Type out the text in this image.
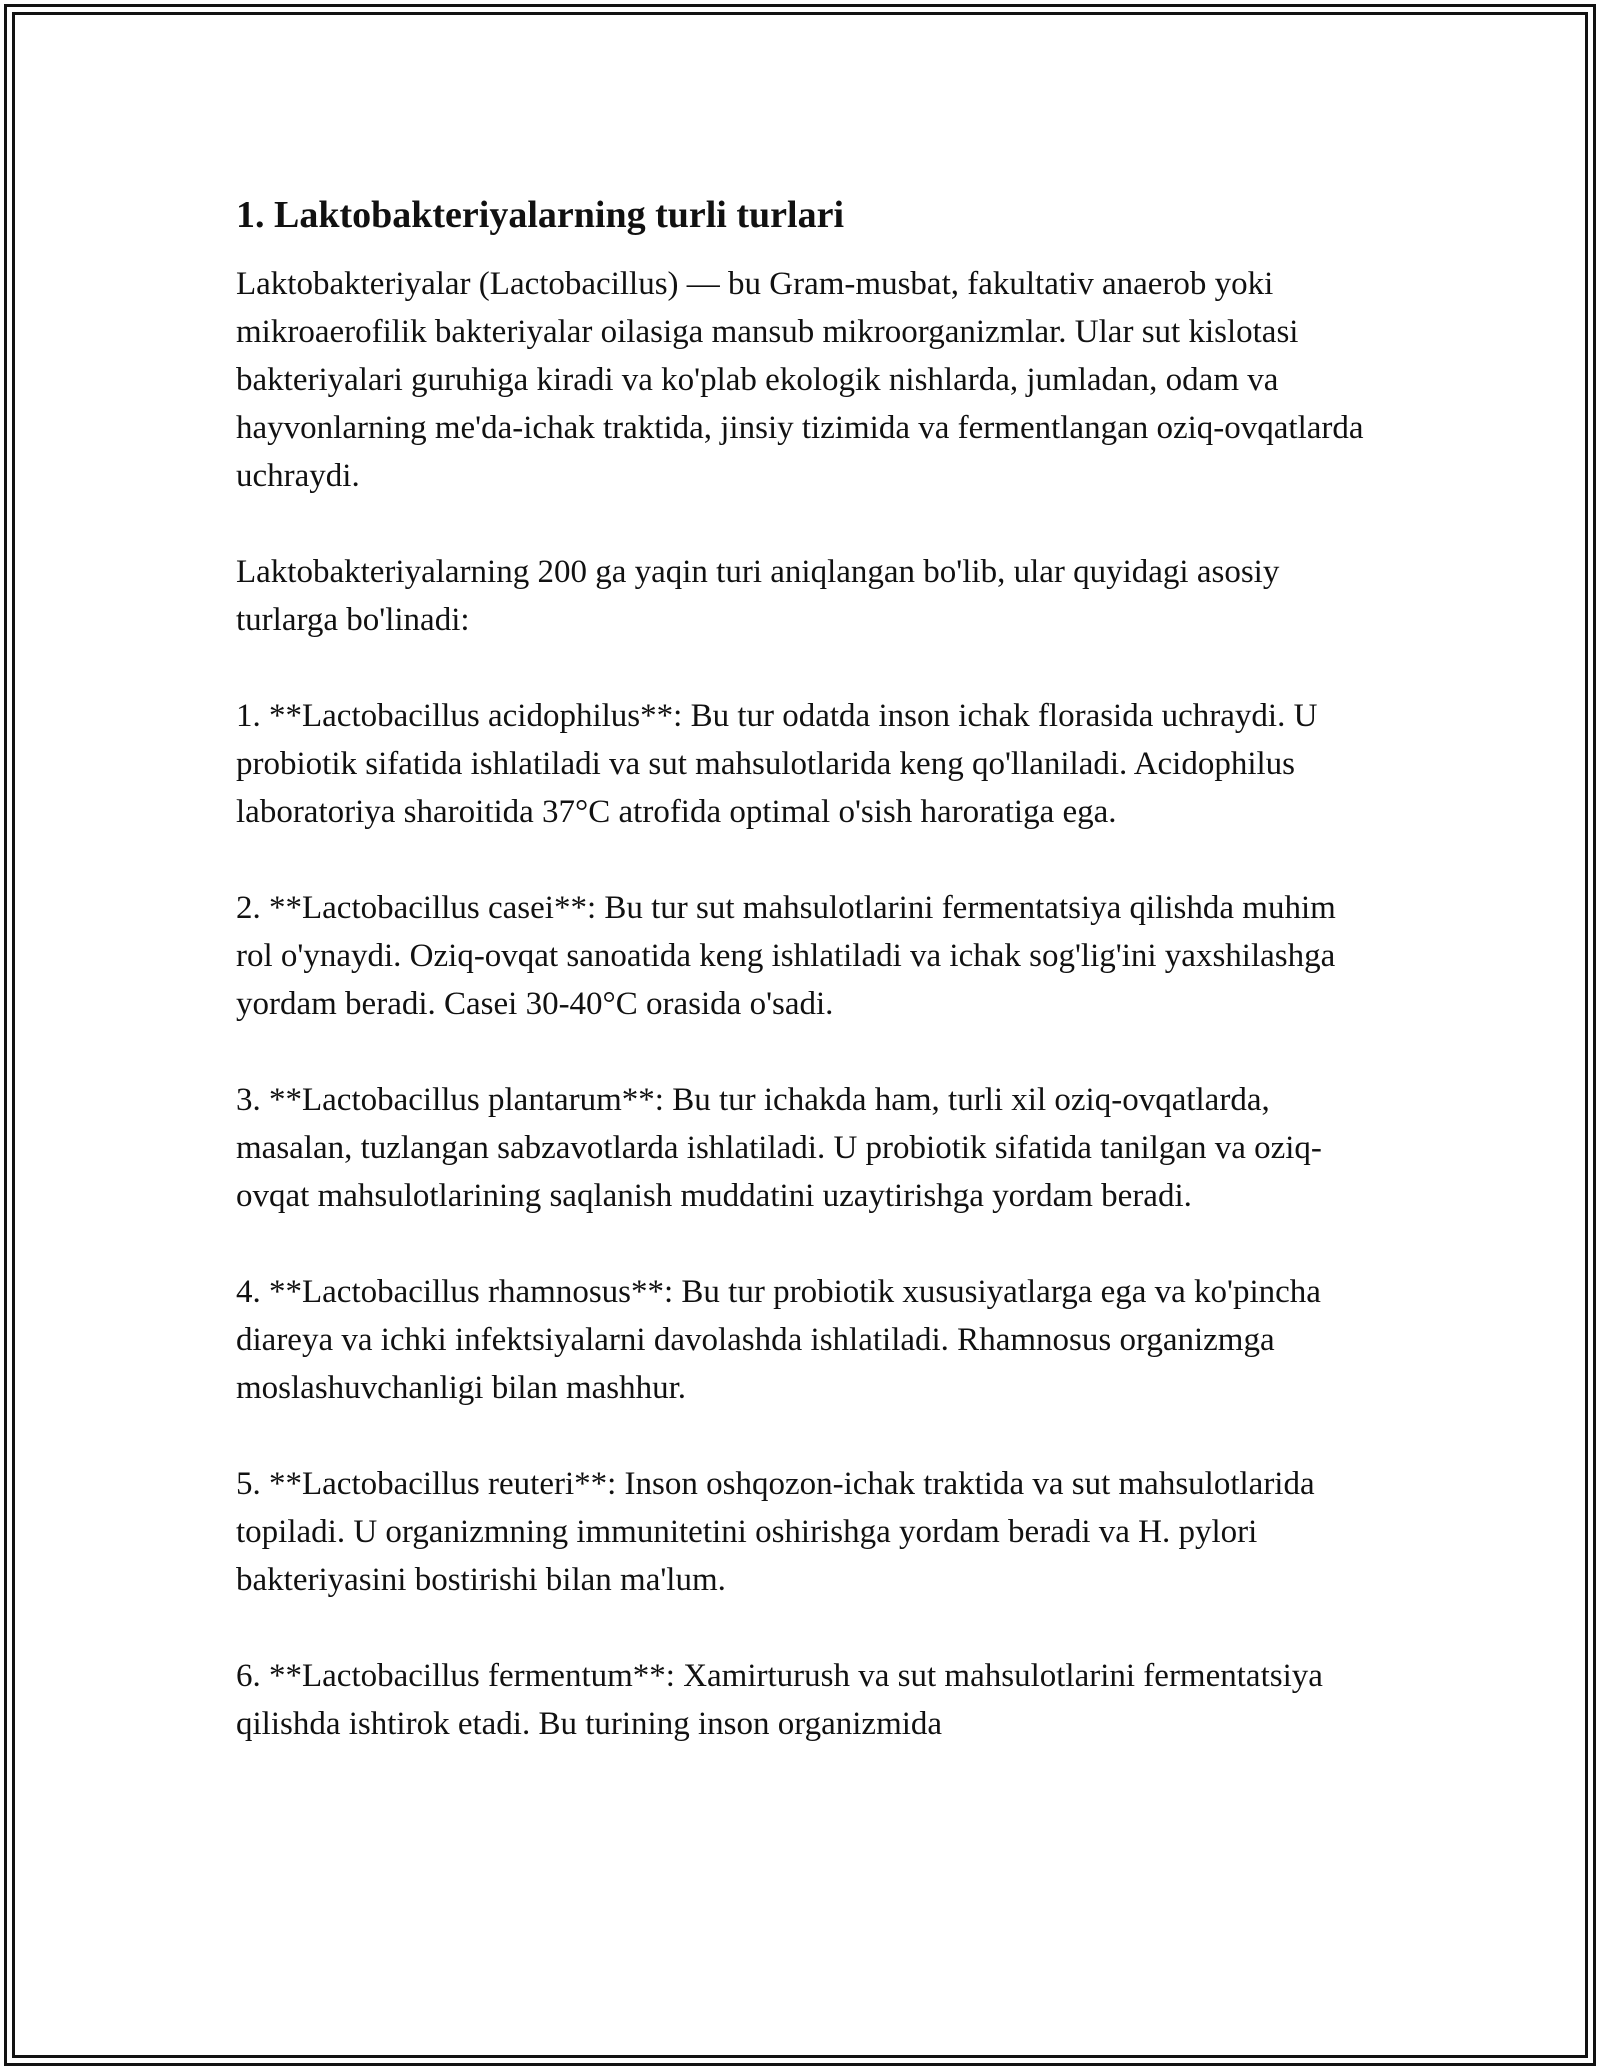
1. Laktobakteriyalarning turli turlari

Laktobakteriyalar (Lactobacillus) — bu Gram-musbat, fakultativ anaerob yoki mikroaerofilik bakteriyalar oilasiga mansub mikroorganizmlar. Ular sut kislotasi bakteriyalari guruhiga kiradi va ko'plab ekologik nishlarda, jumladan, odam va hayvonlarning me'da-ichak traktida, jinsiy tizimida va fermentlangan oziq-ovqatlarda uchraydi.

Laktobakteriyalarning 200 ga yaqin turi aniqlangan bo'lib, ular quyidagi asosiy turlarga bo'linadi:

1. **Lactobacillus acidophilus**: Bu tur odatda inson ichak florasida uchraydi. U probiotik sifatida ishlatiladi va sut mahsulotlarida keng qo'llaniladi. Acidophilus laboratoriya sharoitida 37°C atrofida optimal o'sish haroratiga ega.

2. **Lactobacillus casei**: Bu tur sut mahsulotlarini fermentatsiya qilishda muhim rol o'ynaydi. Oziq-ovqat sanoatida keng ishlatiladi va ichak sog'lig'ini yaxshilashga yordam beradi. Casei 30-40°C orasida o'sadi.

3. **Lactobacillus plantarum**: Bu tur ichakda ham, turli xil oziq-ovqatlarda, masalan, tuzlangan sabzavotlarda ishlatiladi. U probiotik sifatida tanilgan va oziq-ovqat mahsulotlarining saqlanish muddatini uzaytirishga yordam beradi.

4. **Lactobacillus rhamnosus**: Bu tur probiotik xususiyatlarga ega va ko'pincha diareya va ichki infektsiyalarni davolashda ishlatiladi. Rhamnosus organizmga moslashuvchanligi bilan mashhur.

5. **Lactobacillus reuteri**: Inson oshqozon-ichak traktida va sut mahsulotlarida topiladi. U organizmning immunitetini oshirishga yordam beradi va H. pylori bakteriyasini bostirishi bilan ma'lum.

6. **Lactobacillus fermentum**: Xamirturush va sut mahsulotlarini fermentatsiya qilishda ishtirok etadi. Bu turining inson organizmida
